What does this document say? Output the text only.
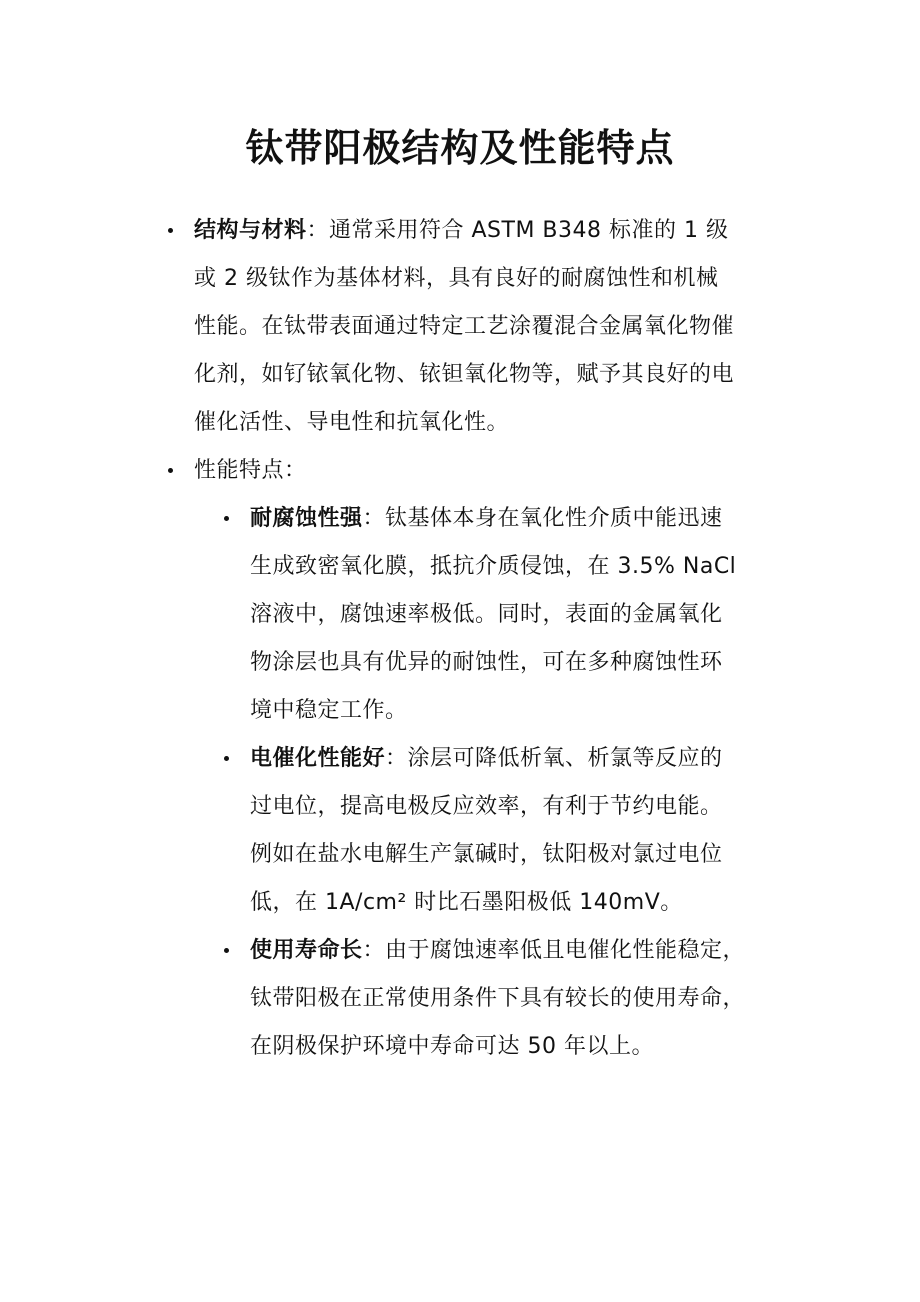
钛带阳极结构及性能特点
结构与材料：通常采用符合 ASTM B348 标准的 1 级
或 2 级钛作为基体材料，具有良好的耐腐蚀性和机械
性能。在钛带表面通过特定工艺涂覆混合金属氧化物催
化剂，如钌铱氧化物、铱钽氧化物等，赋予其良好的电
催化活性、导电性和抗氧化性。
性能特点：
耐腐蚀性强：钛基体本身在氧化性介质中能迅速
生成致密氧化膜，抵抗介质侵蚀，在 3.5% NaCl
溶液中，腐蚀速率极低。同时，表面的金属氧化
物涂层也具有优异的耐蚀性，可在多种腐蚀性环
境中稳定工作。
电催化性能好：涂层可降低析氧、析氯等反应的
过电位，提高电极反应效率，有利于节约电能。
例如在盐水电解生产氯碱时，钛阳极对氯过电位
低，在 1A/cm² 时比石墨阳极低 140mV。
使用寿命长：由于腐蚀速率低且电催化性能稳定，
钛带阳极在正常使用条件下具有较长的使用寿命，
在阴极保护环境中寿命可达 50 年以上。
